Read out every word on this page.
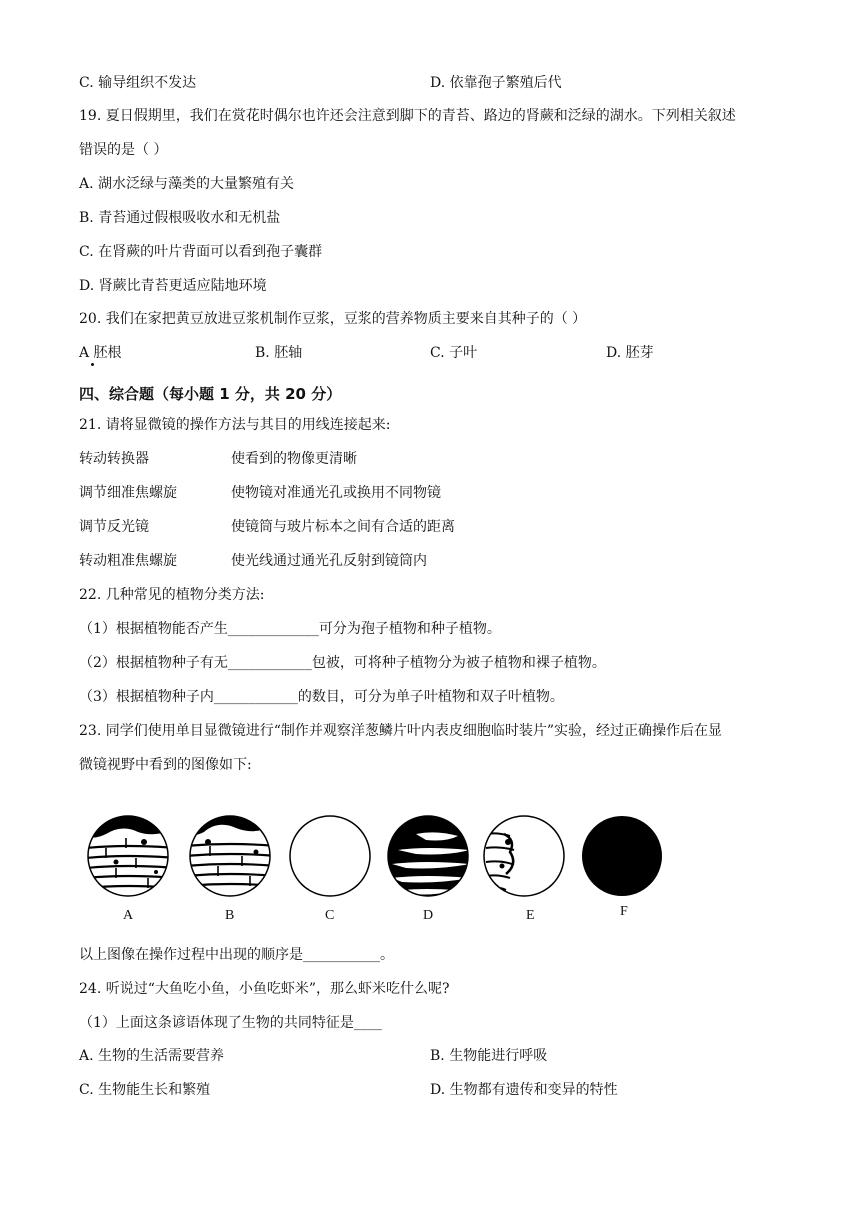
C. 输导组织不发达	D. 依靠孢子繁殖后代
19. 夏日假期里，我们在赏花时偶尔也许还会注意到脚下的青苔、路边的肾蕨和泛绿的湖水。下列相关叙述
错误的是（ ）
A. 湖水泛绿与藻类的大量繁殖有关
B. 青苔通过假根吸收水和无机盐
C. 在肾蕨的叶片背面可以看到孢子囊群
D. 肾蕨比青苔更适应陆地环境
20. 我们在家把黄豆放进豆浆机制作豆浆，豆浆的营养物质主要来自其种子的（ ）
A 胚根	B. 胚轴	C. 子叶	D. 胚芽
四、综合题（每小题 1 分，共 20 分）
21. 请将显微镜的操作方法与其目的用线连接起来:
转动转换器	使看到的物像更清晰
调节细准焦螺旋	使物镜对准通光孔或换用不同物镜
调节反光镜	使镜筒与玻片标本之间有合适的距离
转动粗准焦螺旋	使光线通过通光孔反射到镜筒内
22. 几种常见的植物分类方法:
（1）根据植物能否产生_____________可分为孢子植物和种子植物。
（2）根据植物种子有无____________包被，可将种子植物分为被子植物和裸子植物。
（3）根据植物种子内____________的数目，可分为单子叶植物和双子叶植物。
23. 同学们使用单目显微镜进行“制作并观察洋葱鳞片叶内表皮细胞临时装片”实验，经过正确操作后在显
微镜视野中看到的图像如下:
A	B	C	D	E	F
以上图像在操作过程中出现的顺序是___________。
24. 听说过“大鱼吃小鱼，小鱼吃虾米”，那么虾米吃什么呢?
（1）上面这条谚语体现了生物的共同特征是____
A. 生物的生活需要营养	B. 生物能进行呼吸
C. 生物能生长和繁殖	D. 生物都有遗传和变异的特性
